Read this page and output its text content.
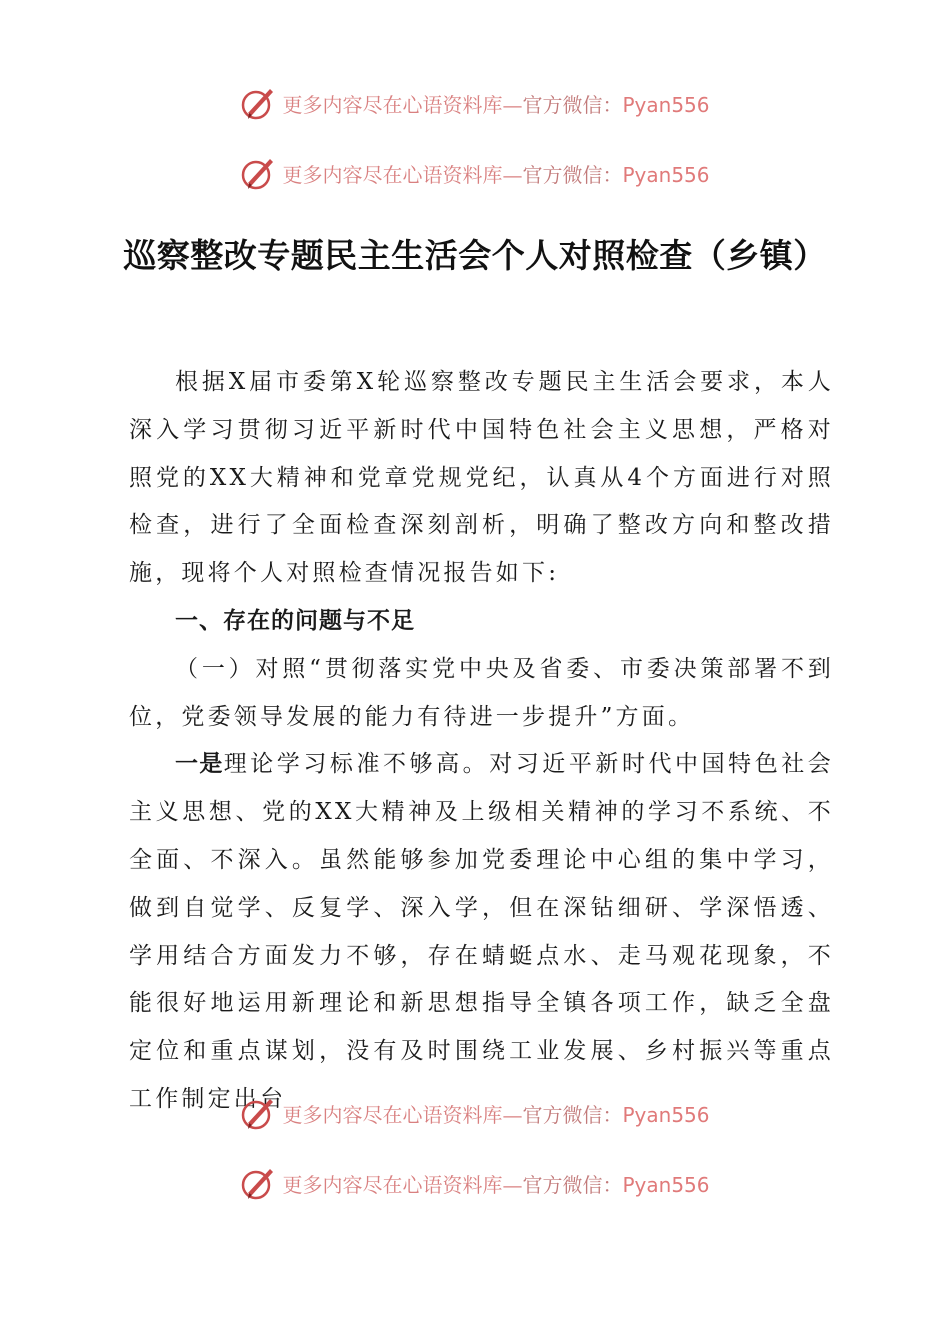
更多内容尽在心语资料库—官方微信：Pyan556
更多内容尽在心语资料库—官方微信：Pyan556
巡察整改专题民主生活会个人对照检查（乡镇）

根据X届市委第X轮巡察整改专题民主生活会要求，本人深入学习贯彻习近平新时代中国特色社会主义思想，严格对照党的XX大精神和党章党规党纪，认真从4个方面进行对照检查，进行了全面检查深刻剖析，明确了整改方向和整改措施，现将个人对照检查情况报告如下:

一、存在的问题与不足

（一）对照“贯彻落实党中央及省委、市委决策部署不到位，党委领导发展的能力有待进一步提升”方面。

一是理论学习标准不够高。对习近平新时代中国特色社会主义思想、党的XX大精神及上级相关精神的学习不系统、不全面、不深入。虽然能够参加党委理论中心组的集中学习，做到自觉学、反复学、深入学，但在深钻细研、学深悟透、学用结合方面发力不够，存在蜻蜓点水、走马观花现象，不能很好地运用新理论和新思想指导全镇各项工作，缺乏全盘定位和重点谋划，没有及时围绕工业发展、乡村振兴等重点工作制定出台

更多内容尽在心语资料库—官方微信：Pyan556
更多内容尽在心语资料库—官方微信：Pyan556
